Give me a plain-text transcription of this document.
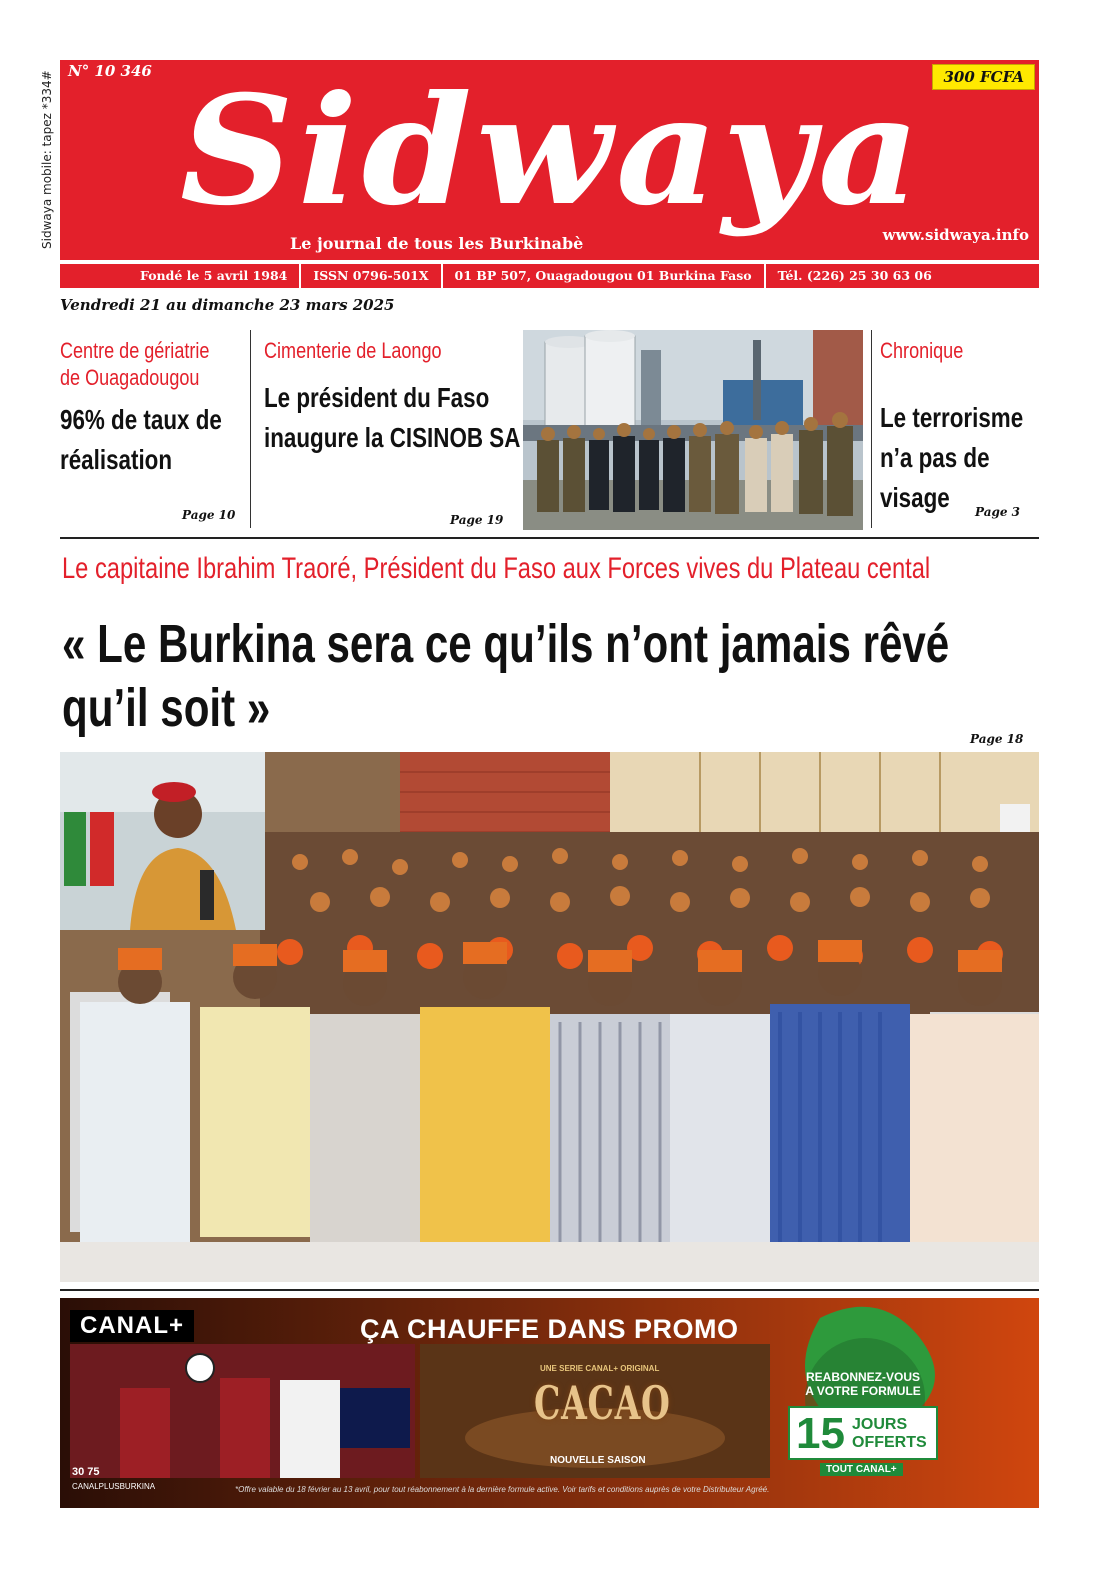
Sidwaya mobile: tapez *334# N° 10 346 Sidwaya	300 FCFA
Le journal de tous les Burkinabè	www.sidwaya.info
Fondé le 5 avril 1984	ISSN 0796-501X	01 BP 507, Ouagadougou 01 Burkina Faso	Tél. (226) 25 30 63 06
Vendredi 21 au dimanche 23 mars 2025
Centre de gériatrie
de Ouagadougou
96% de taux de
réalisation
Page 10
Cimenterie de Laongo
Le président du Faso
inaugure la CISINOB SA
Page 19
Chronique
Le terrorisme
n’a pas de
visage	Page 3
Le capitaine Ibrahim Traoré, Président du Faso aux Forces vives du Plateau cental
« Le Burkina sera ce qu’ils n’ont jamais rêvé
qu’il soit »
Page 18
CANAL+	ÇA CHAUFFE DANS PROMO
UNE SERIE CANAL+ ORIGINAL
CACAO
NOUVELLE SAISON
REABONNEZ-VOUS
A VOTRE FORMULE
15 JOURS
OFFERTS
TOUT CANAL+
30 75
CANALPLUSBURKINA	*Offre valable du 18 février au 13 avril, pour tout réabonnement à la dernière formule active. Voir tarifs et conditions auprès de votre Distributeur Agréé.
